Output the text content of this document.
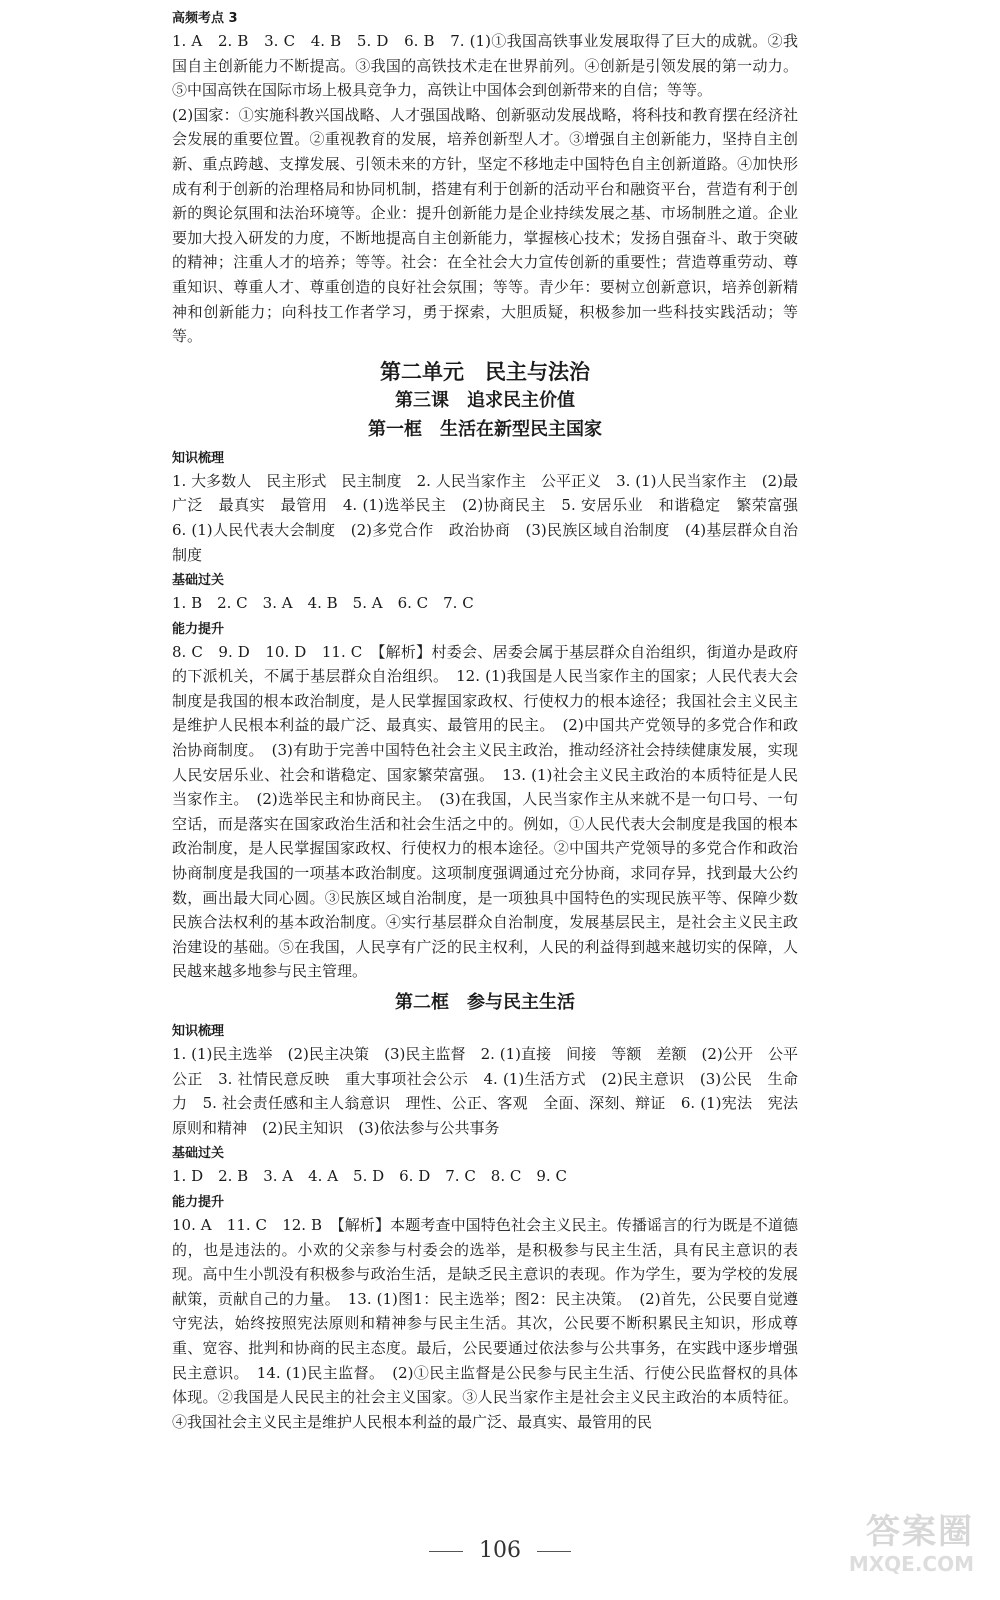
高频考点 3

1. A　2. B　3. C　4. B　5. D　6. B　7. (1)①我国高铁事业发展取得了巨大的成就。②我国自主创新能力不断提高。③我国的高铁技术走在世界前列。④创新是引领发展的第一动力。⑤中国高铁在国际市场上极具竞争力，高铁让中国体会到创新带来的自信；等等。

(2)国家：①实施科教兴国战略、人才强国战略、创新驱动发展战略，将科技和教育摆在经济社会发展的重要位置。②重视教育的发展，培养创新型人才。③增强自主创新能力，坚持自主创新、重点跨越、支撑发展、引领未来的方针，坚定不移地走中国特色自主创新道路。④加快形成有利于创新的治理格局和协同机制，搭建有利于创新的活动平台和融资平台，营造有利于创新的舆论氛围和法治环境等。企业：提升创新能力是企业持续发展之基、市场制胜之道。企业要加大投入研发的力度，不断地提高自主创新能力，掌握核心技术；发扬自强奋斗、敢于突破的精神；注重人才的培养；等等。社会：在全社会大力宣传创新的重要性；营造尊重劳动、尊重知识、尊重人才、尊重创造的良好社会氛围；等等。青少年：要树立创新意识，培养创新精神和创新能力；向科技工作者学习，勇于探索，大胆质疑，积极参加一些科技实践活动；等等。

第二单元　民主与法治
第三课　追求民主价值
第一框　生活在新型民主国家
知识梳理

1. 大多数人　民主形式　民主制度　2. 人民当家作主　公平正义　3. (1)人民当家作主　(2)最广泛　最真实　最管用　4. (1)选举民主　(2)协商民主　5. 安居乐业　和谐稳定　繁荣富强　6. (1)人民代表大会制度　(2)多党合作　政治协商　(3)民族区域自治制度　(4)基层群众自治制度

基础过关

1. B　2. C　3. A　4. B　5. A　6. C　7. C

能力提升

8. C　9. D　10. D　11. C　【解析】村委会、居委会属于基层群众自治组织，街道办是政府的下派机关，不属于基层群众自治组织。　12. (1)我国是人民当家作主的国家；人民代表大会制度是我国的根本政治制度，是人民掌握国家政权、行使权力的根本途径；我国社会主义民主是维护人民根本利益的最广泛、最真实、最管用的民主。　(2)中国共产党领导的多党合作和政治协商制度。　(3)有助于完善中国特色社会主义民主政治，推动经济社会持续健康发展，实现人民安居乐业、社会和谐稳定、国家繁荣富强。　13. (1)社会主义民主政治的本质特征是人民当家作主。　(2)选举民主和协商民主。　(3)在我国，人民当家作主从来就不是一句口号、一句空话，而是落实在国家政治生活和社会生活之中的。例如，①人民代表大会制度是我国的根本政治制度，是人民掌握国家政权、行使权力的根本途径。②中国共产党领导的多党合作和政治协商制度是我国的一项基本政治制度。这项制度强调通过充分协商，求同存异，找到最大公约数，画出最大同心圆。③民族区域自治制度，是一项独具中国特色的实现民族平等、保障少数民族合法权利的基本政治制度。④实行基层群众自治制度，发展基层民主，是社会主义民主政治建设的基础。⑤在我国，人民享有广泛的民主权利，人民的利益得到越来越切实的保障，人民越来越多地参与民主管理。

第二框　参与民主生活
知识梳理

1. (1)民主选举　(2)民主决策　(3)民主监督　2. (1)直接　间接　等额　差额　(2)公开　公平　公正　3. 社情民意反映　重大事项社会公示　4. (1)生活方式　(2)民主意识　(3)公民　生命力　5. 社会责任感和主人翁意识　理性、公正、客观　全面、深刻、辩证　6. (1)宪法　宪法原则和精神　(2)民主知识　(3)依法参与公共事务

基础过关

1. D　2. B　3. A　4. A　5. D　6. D　7. C　8. C　9. C

能力提升

10. A　11. C　12. B　【解析】本题考查中国特色社会主义民主。传播谣言的行为既是不道德的，也是违法的。小欢的父亲参与村委会的选举，是积极参与民主生活，具有民主意识的表现。高中生小凯没有积极参与政治生活，是缺乏民主意识的表现。作为学生，要为学校的发展献策，贡献自己的力量。　13. (1)图1：民主选举；图2：民主决策。　(2)首先，公民要自觉遵守宪法，始终按照宪法原则和精神参与民主生活。其次，公民要不断积累民主知识，形成尊重、宽容、批判和协商的民主态度。最后，公民要通过依法参与公共事务，在实践中逐步增强民主意识。　14. (1)民主监督。　(2)①民主监督是公民参与民主生活、行使公民监督权的具体体现。②我国是人民民主的社会主义国家。③人民当家作主是社会主义民主政治的本质特征。④我国社会主义民主是维护人民根本利益的最广泛、最真实、最管用的民

106	答案圈
MXQE.COM
